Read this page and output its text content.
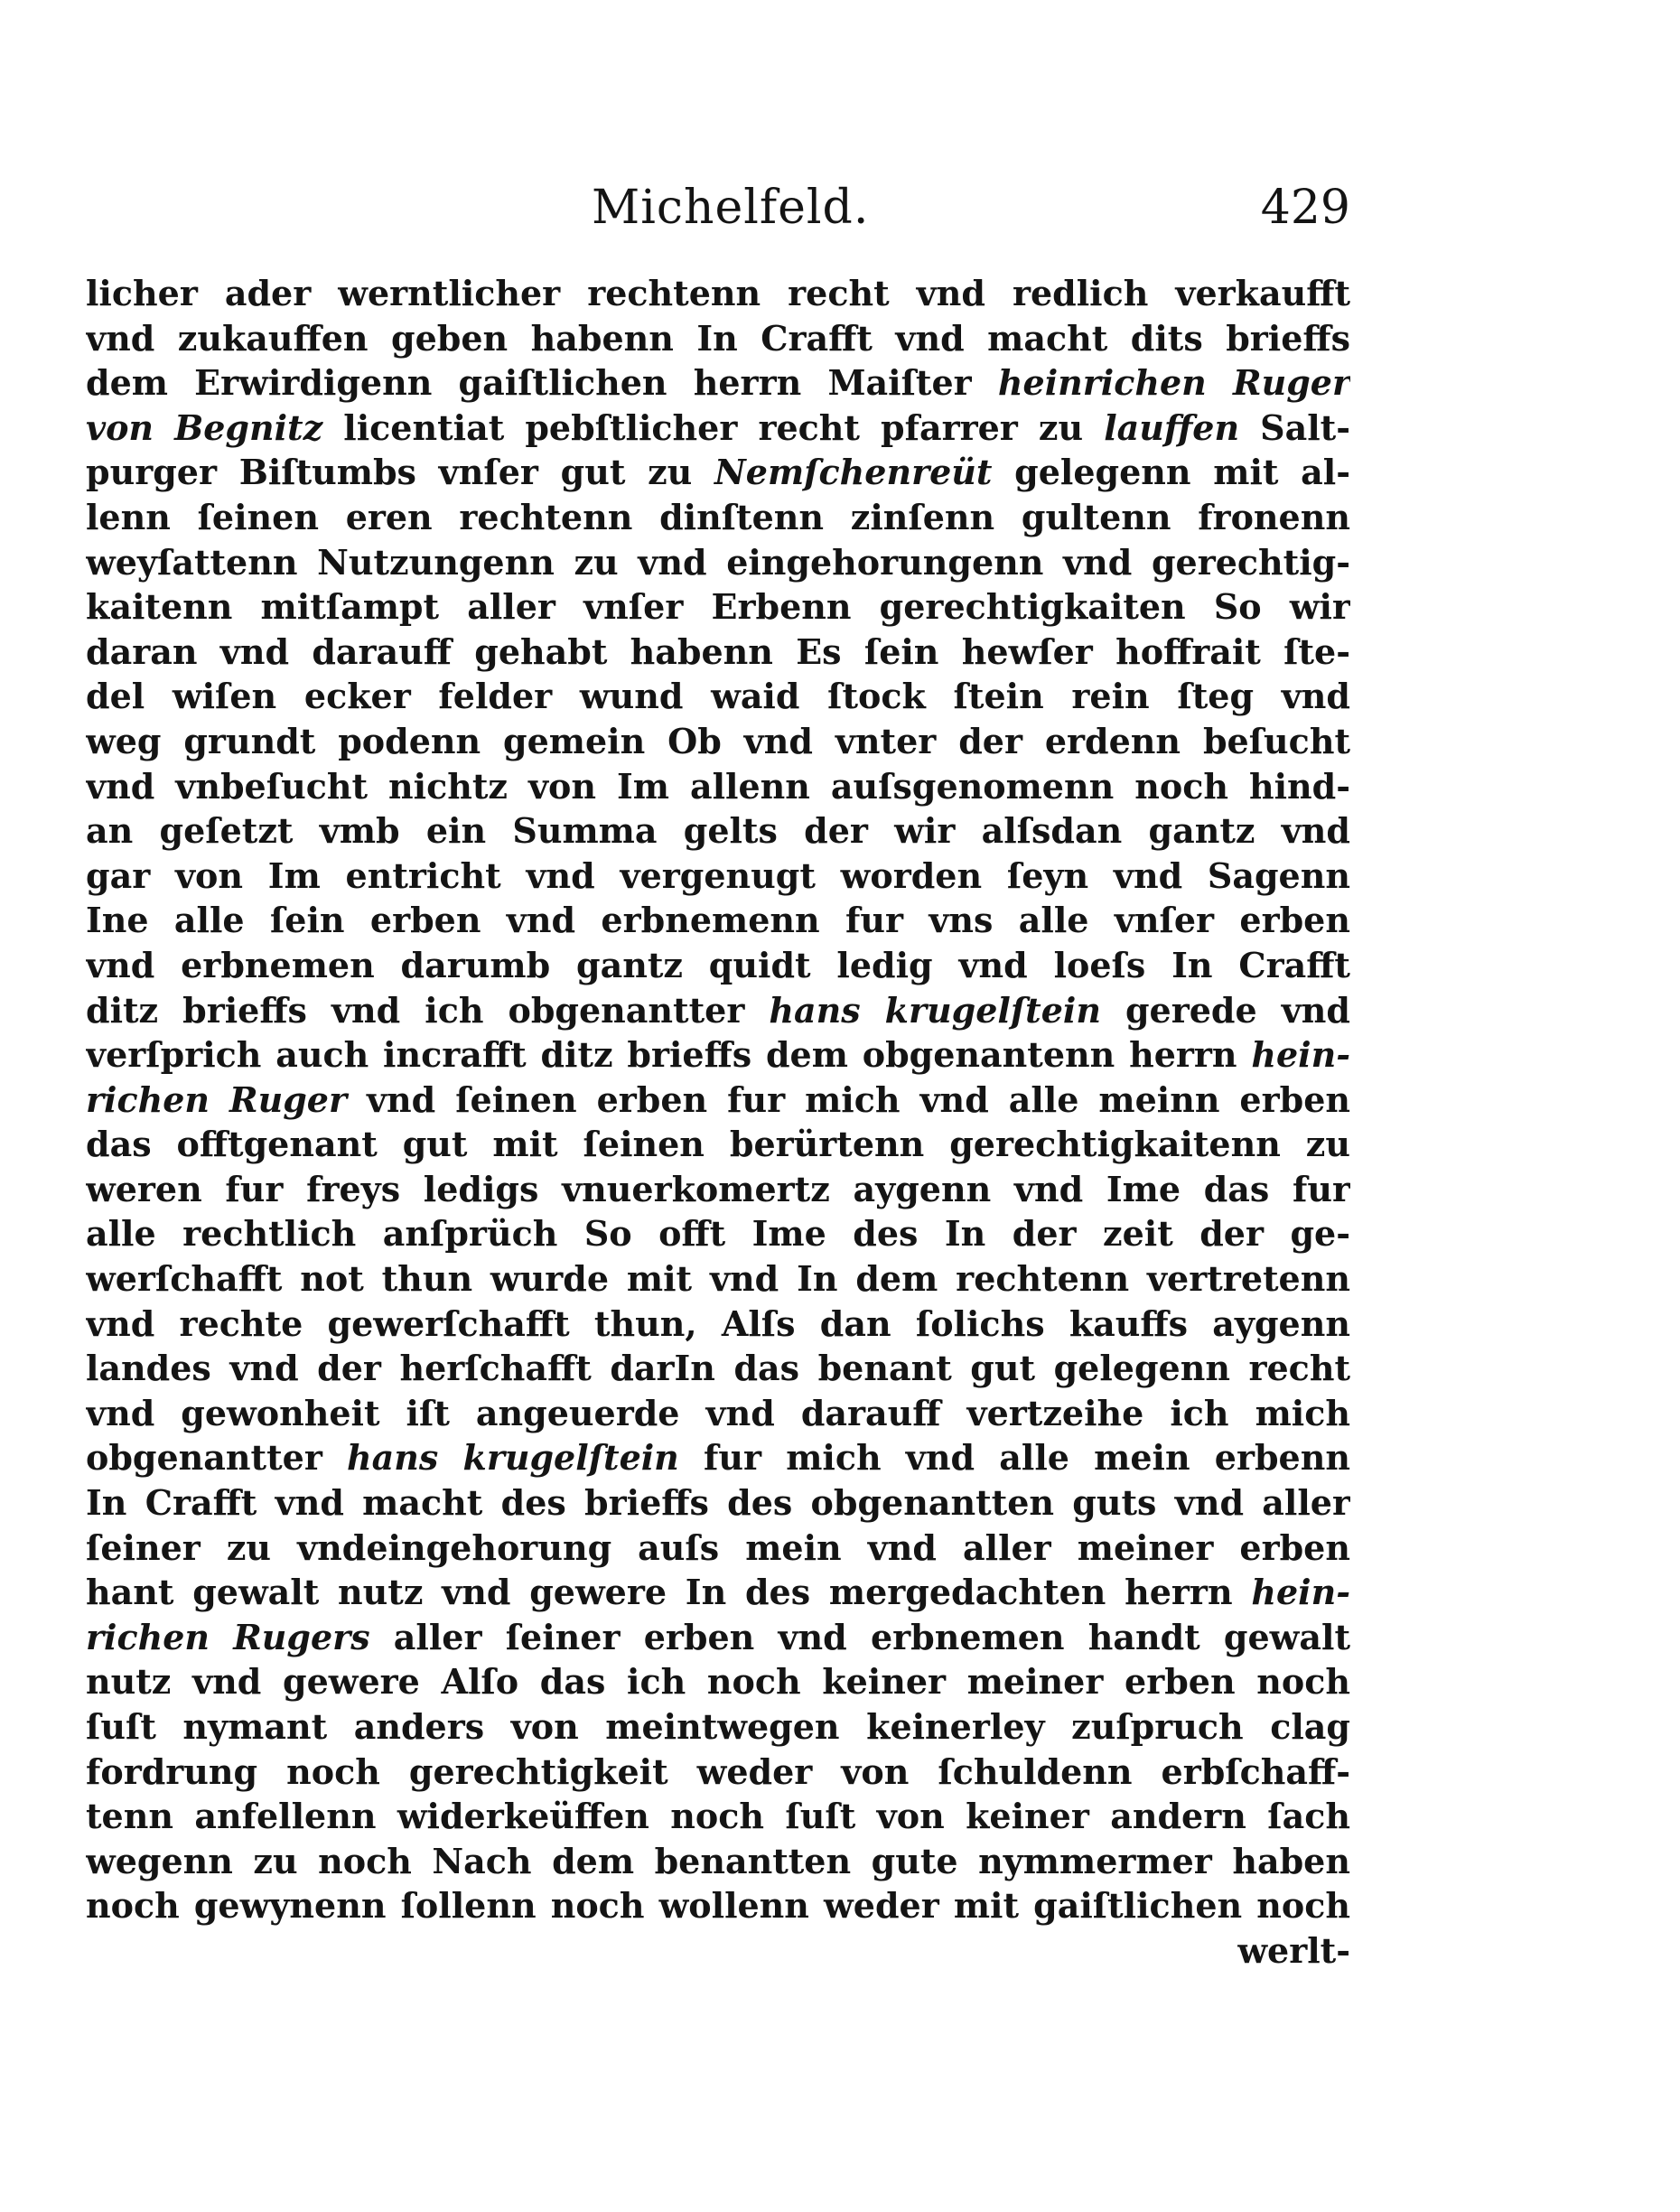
Michelfeld.	429
licher ader werntlicher rechtenn recht vnd redlich verkaufft
vnd zukauffen geben habenn In Crafft vnd macht dits brieffs
dem Erwirdigenn gaiſtlichen herrn Maiſter heinrichen Ruger
von Begnitz licentiat pebſtlicher recht pfarrer zu lauffen Salt-
purger Biſtumbs vnſer gut zu Nemſchenreüt gelegenn mit al-
lenn ſeinen eren rechtenn dinſtenn zinſenn gultenn fronenn
weyſattenn Nutzungenn zu vnd eingehorungenn vnd gerechtig-
kaitenn mitſampt aller vnſer Erbenn gerechtigkaiten So wir
daran vnd darauff gehabt habenn Es ſein hewſer hoffrait ſte-
del wiſen ecker felder wund waid ſtock ſtein rein ſteg vnd
weg grundt podenn gemein Ob vnd vnter der erdenn beſucht
vnd vnbeſucht nichtz von Im allenn auſsgenomenn noch hind-
an geſetzt vmb ein Summa gelts der wir alſsdan gantz vnd
gar von Im entricht vnd vergenugt worden ſeyn vnd Sagenn
Ine alle ſein erben vnd erbnemenn fur vns alle vnſer erben
vnd erbnemen darumb gantz quidt ledig vnd loeſs In Crafft
ditz brieffs vnd ich obgenantter hans krugelſtein gerede vnd
verſprich auch incrafft ditz brieffs dem obgenantenn herrn hein-
richen Ruger vnd ſeinen erben fur mich vnd alle meinn erben
das offtgenant gut mit ſeinen berürtenn gerechtigkaitenn zu
weren fur freys ledigs vnuerkomertz aygenn vnd Ime das fur
alle rechtlich anſprüch So offt Ime des In der zeit der ge-
werſchafft not thun wurde mit vnd In dem rechtenn vertretenn
vnd rechte gewerſchafft thun, Alſs dan ſolichs kauffs aygenn
landes vnd der herſchafft darIn das benant gut gelegenn recht
vnd gewonheit iſt angeuerde vnd darauff vertzeihe ich mich
obgenantter hans krugelſtein fur mich vnd alle mein erbenn
In Crafft vnd macht des brieffs des obgenantten guts vnd aller
ſeiner zu vndeingehorung auſs mein vnd aller meiner erben
hant gewalt nutz vnd gewere In des mergedachten herrn hein-
richen Rugers aller ſeiner erben vnd erbnemen handt gewalt
nutz vnd gewere Alſo das ich noch keiner meiner erben noch
ſuſt nymant anders von meintwegen keinerley zuſpruch clag
fordrung noch gerechtigkeit weder von ſchuldenn erbſchaff-
tenn anfellenn widerkeüffen noch ſuſt von keiner andern ſach
wegenn zu noch Nach dem benantten gute nymmermer haben
noch gewynenn ſollenn noch wollenn weder mit gaiſtlichen noch
werlt-
